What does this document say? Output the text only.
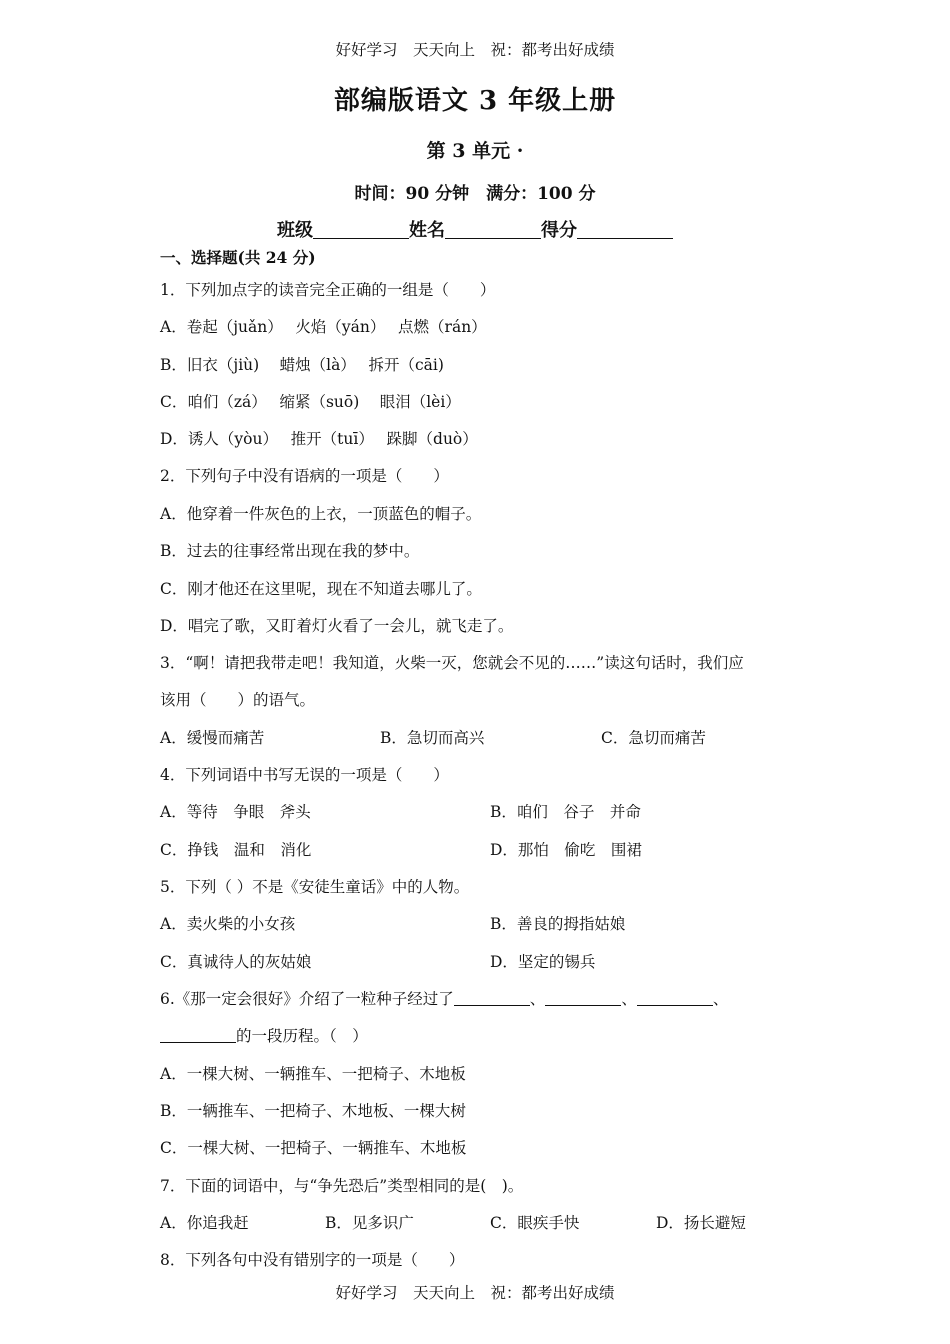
好好学习　天天向上　祝：都考出好成绩
部编版语文 3 年级上册
第 3 单元 ·
时间：90 分钟　满分：100 分
班级	姓名	得分
一、选择题(共 24 分)
1．下列加点字的读音完全正确的一组是（　　）
A．卷起（juǎn）　 火焰（yán）　 点燃（rán）
B．旧衣（jiù)　 蜡烛（là）　 拆开（cāi)
C．咱们（zá）　 缩紧（suō)　 眼泪（lèi）
D．诱人（yòu）　 推开（tuī）　 跺脚（duò）
2．下列句子中没有语病的一项是（　　）
A．他穿着一件灰色的上衣，一顶蓝色的帽子。
B．过去的往事经常出现在我的梦中。
C．刚才他还在这里呢，现在不知道去哪儿了。
D．唱完了歌，又盯着灯火看了一会儿，就飞走了。
3．“啊！请把我带走吧！我知道，火柴一灭，您就会不见的……”读这句话时，我们应
该用（　　）的语气。
A．缓慢而痛苦	B．急切而高兴	C．急切而痛苦
4．下列词语中书写无误的一项是（　　）
A．等待　争眼　斧头	B．咱们　谷子　并命
C．挣钱　温和　消化	D．那怕　偷吃　围裙
5．下列（ ）不是《安徒生童话》中的人物。
A．卖火柴的小女孩	B．善良的拇指姑娘
C．真诚待人的灰姑娘	D．坚定的锡兵
6.《那一定会很好》介绍了一粒种子经过了	、	、	、
的一段历程。（　）
A．一棵大树、一辆推车、一把椅子、木地板
B．一辆推车、一把椅子、木地板、一棵大树
C．一棵大树、一把椅子、一辆推车、木地板
7．下面的词语中，与“争先恐后”类型相同的是(　)。
A．你追我赶	B．见多识广	C．眼疾手快	D．扬长避短
8．下列各句中没有错别字的一项是（　　）
好好学习　天天向上　祝：都考出好成绩
